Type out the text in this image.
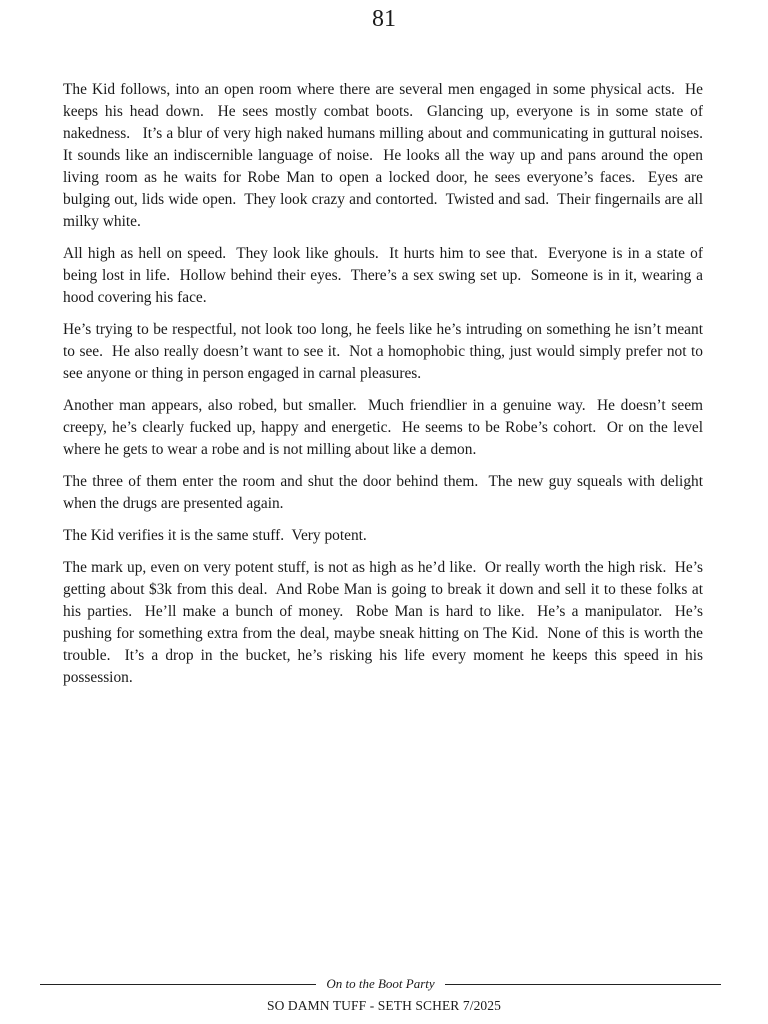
81

The Kid follows, into an open room where there are several men engaged in some physical acts.  He keeps his head down.  He sees mostly combat boots.  Glancing up, everyone is in some state of nakedness.   It’s a blur of very high naked humans milling about and communicating in guttural noises.  It sounds like an indiscernible language of noise.  He looks all the way up and pans around the open living room as he waits for Robe Man to open a locked door, he sees everyone’s faces.  Eyes are bulging out, lids wide open.  They look crazy and contorted.  Twisted and sad.  Their fingernails are all milky white.

All high as hell on speed.  They look like ghouls.  It hurts him to see that.  Everyone is in a state of being lost in life.  Hollow behind their eyes.  There’s a sex swing set up.  Someone is in it, wearing a hood covering his face.

He’s trying to be respectful, not look too long, he feels like he’s intruding on something he isn’t meant to see.  He also really doesn’t want to see it.  Not a homophobic thing, just would simply prefer not to see anyone or thing in person engaged in carnal pleasures.

Another man appears, also robed, but smaller.  Much friendlier in a genuine way.  He doesn’t seem creepy, he’s clearly fucked up, happy and energetic.  He seems to be Robe’s cohort.  Or on the level where he gets to wear a robe and is not milling about like a demon.

The three of them enter the room and shut the door behind them.  The new guy squeals with delight when the drugs are presented again.

The Kid verifies it is the same stuff.  Very potent.

The mark up, even on very potent stuff, is not as high as he’d like.  Or really worth the high risk.  He’s getting about $3k from this deal.  And Robe Man is going to break it down and sell it to these folks at his parties.  He’ll make a bunch of money.  Robe Man is hard to like.  He’s a manipulator.  He’s pushing for something extra from the deal, maybe sneak hitting on The Kid.  None of this is worth the trouble.  It’s a drop in the bucket, he’s risking his life every moment he keeps this speed in his possession.

On to the Boot Party
SO DAMN TUFF - SETH SCHER 7/2025
